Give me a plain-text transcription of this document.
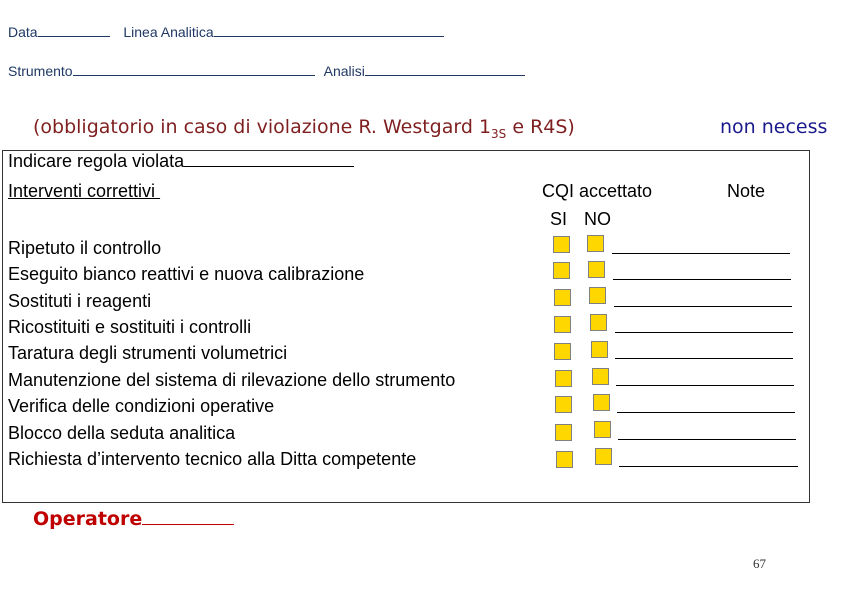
Data	Linea Analitica
Strumento	Analisi
(obbligatorio in caso di violazione R. Westgard $1_{3S}$ e R4S)	non necess
Indicare regola violata
Interventi correttivi	CQI accettato	Note
SI NO
Ripetuto il controllo
Eseguito bianco reattivi e nuova calibrazione
Sostituti i reagenti
Ricostituiti e sostituiti i controlli
Taratura degli strumenti volumetrici
Manutenzione del sistema di rilevazione dello strumento
Verifica delle condizioni operative
Blocco della seduta analitica
Richiesta d’intervento tecnico alla Ditta competente
Operatore
67
